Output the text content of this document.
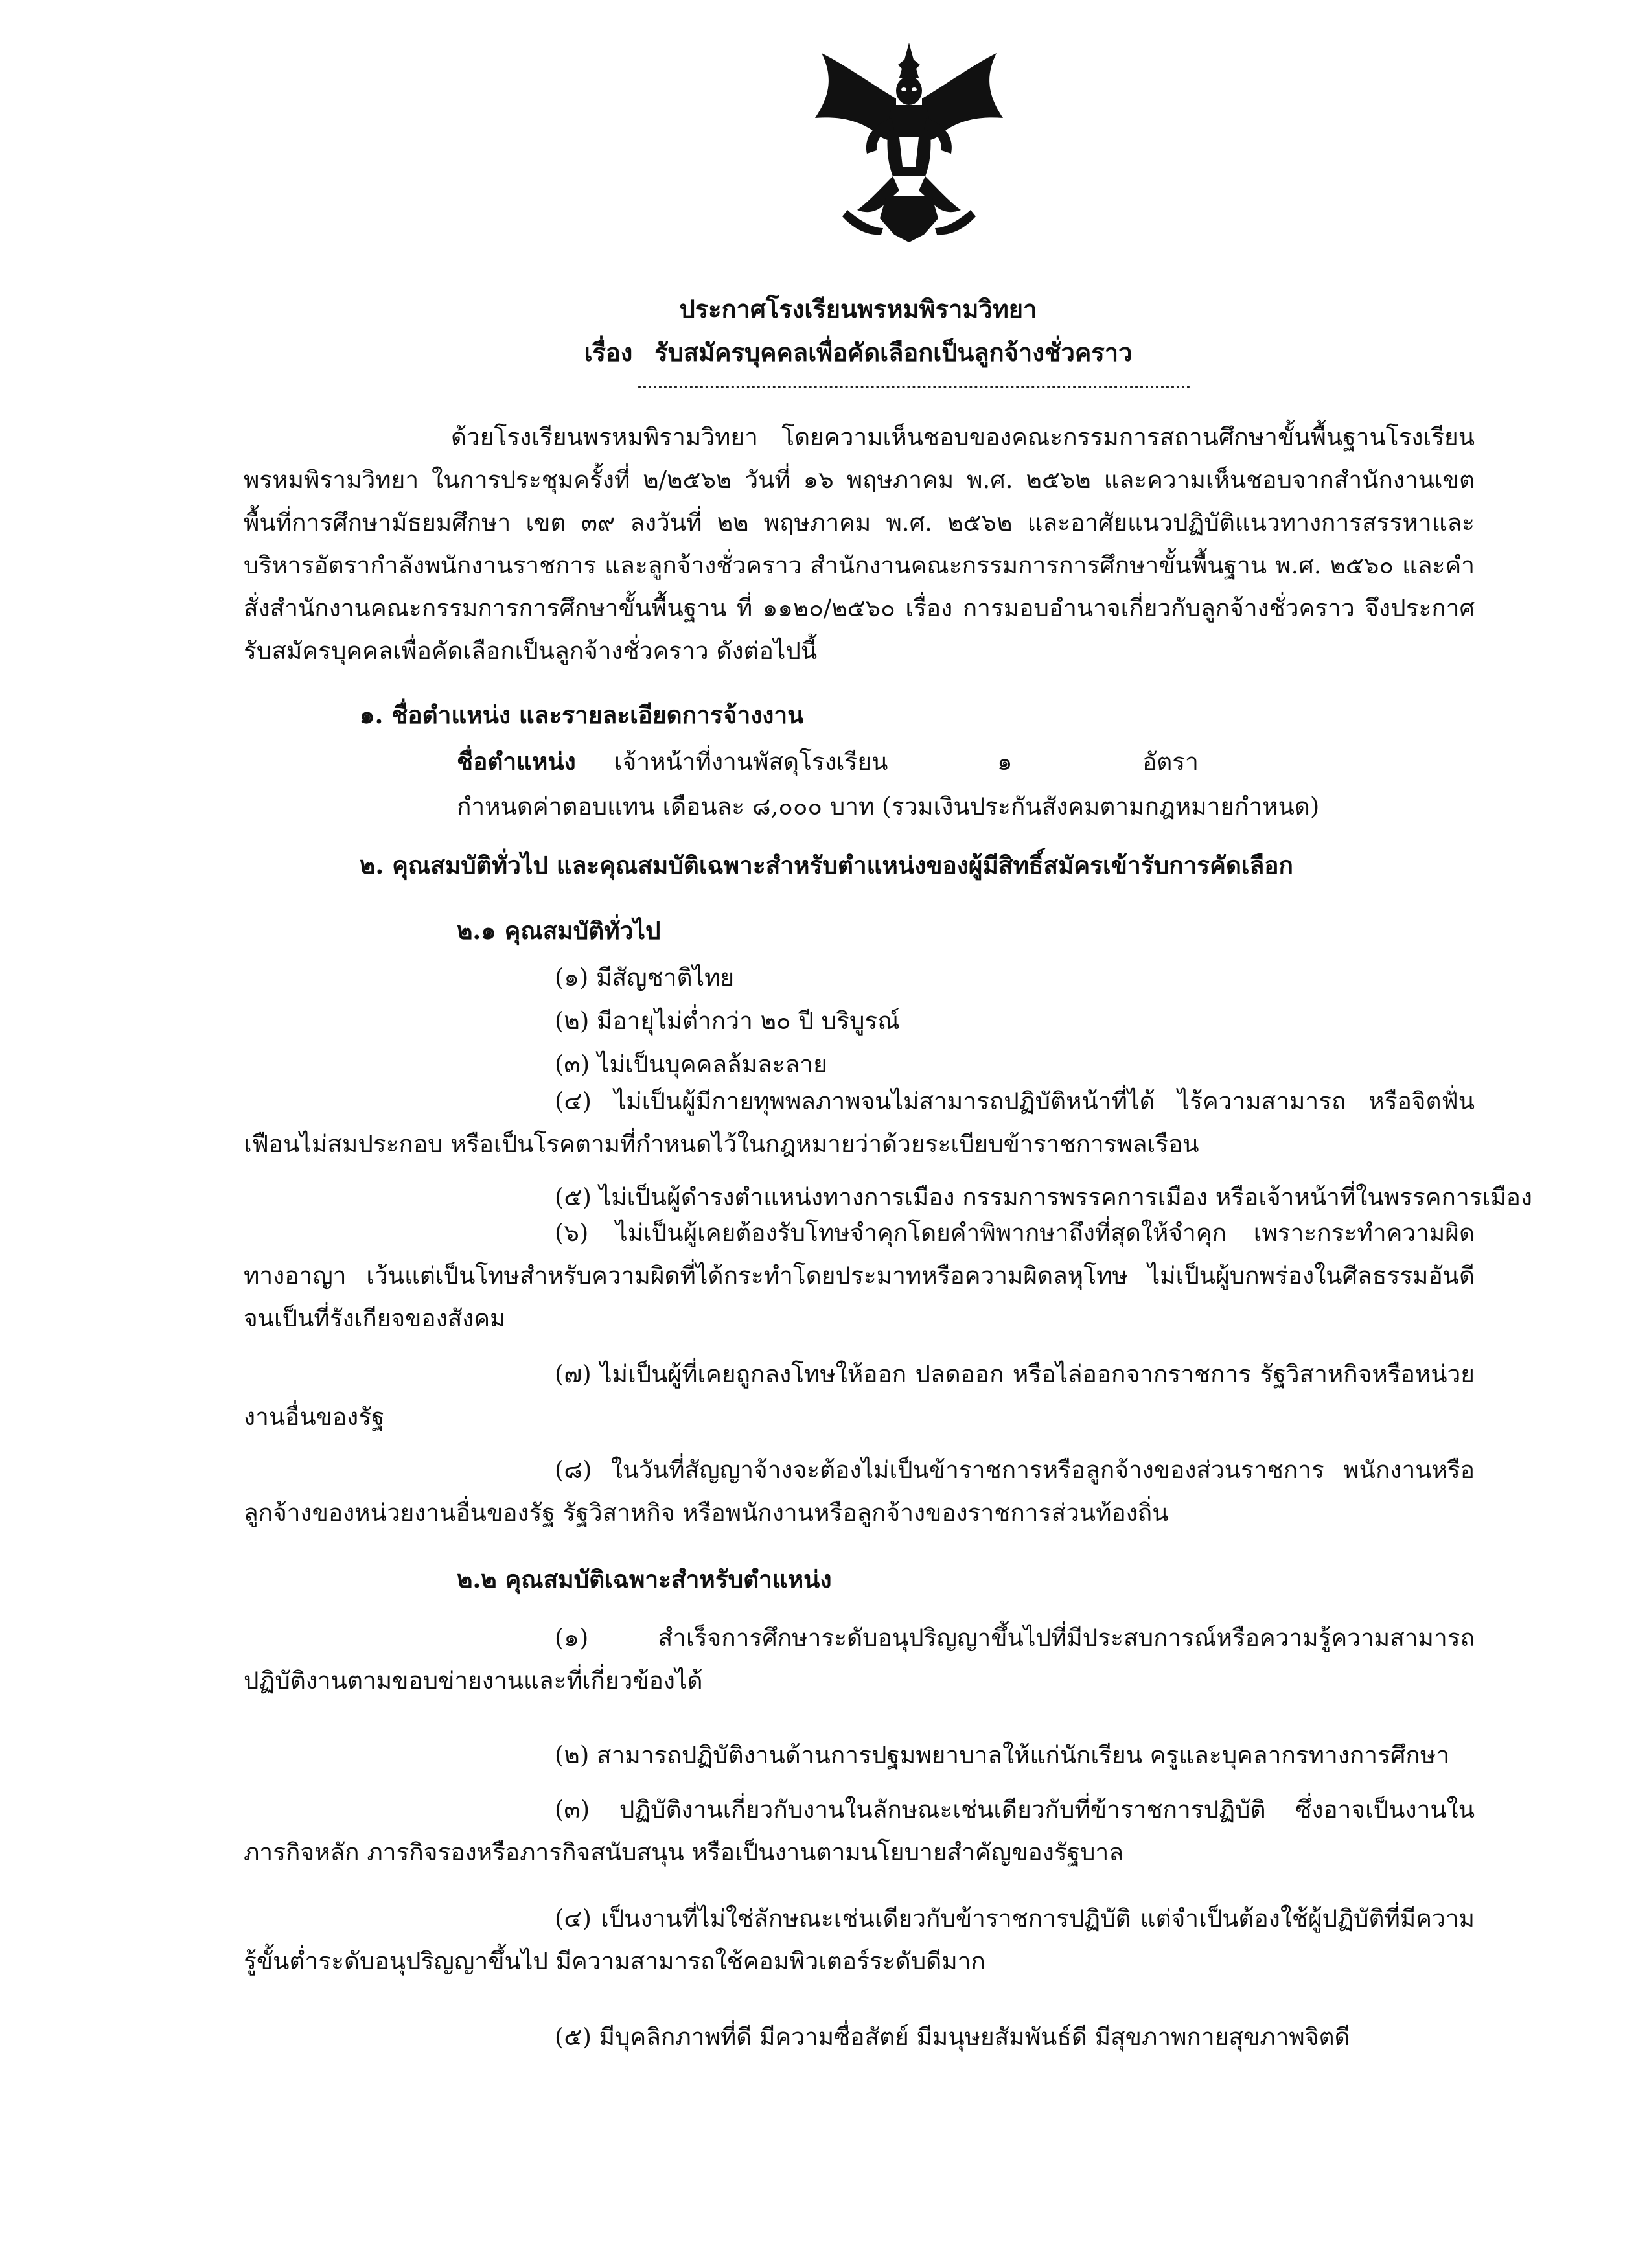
ประกาศโรงเรียนพรหมพิรามวิทยา
เรื่อง รับสมัครบุคคลเพื่อคัดเลือกเป็นลูกจ้างชั่วคราว
ด้วยโรงเรียนพรหมพิรามวิทยา โดยความเห็นชอบของคณะกรรมการสถานศึกษาขั้นพื้นฐานโรงเรียนพรหมพิรามวิทยา ในการประชุมครั้งที่ ๒/๒๕๖๒ วันที่ ๑๖ พฤษภาคม พ.ศ. ๒๕๖๒ และความเห็นชอบจากสำนักงานเขตพื้นที่การศึกษามัธยมศึกษา เขต ๓๙ ลงวันที่ ๒๒ พฤษภาคม พ.ศ. ๒๕๖๒ และอาศัยแนวปฏิบัติแนวทางการสรรหาและบริหารอัตรากำลังพนักงานราชการ และลูกจ้างชั่วคราว สำนักงานคณะกรรมการการศึกษาขั้นพื้นฐาน พ.ศ. ๒๕๖๐ และคำสั่งสำนักงานคณะกรรมการการศึกษาขั้นพื้นฐาน ที่ ๑๑๒๐/๒๕๖๐ เรื่อง การมอบอำนาจเกี่ยวกับลูกจ้างชั่วคราว จึงประกาศรับสมัครบุคคลเพื่อคัดเลือกเป็นลูกจ้างชั่วคราว ดังต่อไปนี้
๑. ชื่อตำแหน่ง และรายละเอียดการจ้างงาน
ชื่อตำแหน่ง เจ้าหน้าที่งานพัสดุโรงเรียน	๑	อัตรา
กำหนดค่าตอบแทน เดือนละ ๘,๐๐๐ บาท (รวมเงินประกันสังคมตามกฎหมายกำหนด)
๒. คุณสมบัติทั่วไป และคุณสมบัติเฉพาะสำหรับตำแหน่งของผู้มีสิทธิ์สมัครเข้ารับการคัดเลือก
๒.๑ คุณสมบัติทั่วไป
(๑) มีสัญชาติไทย
(๒) มีอายุไม่ต่ำกว่า ๒๐ ปี บริบูรณ์
(๓) ไม่เป็นบุคคลล้มละลาย
(๔) ไม่เป็นผู้มีกายทุพพลภาพจนไม่สามารถปฏิบัติหน้าที่ได้ ไร้ความสามารถ หรือจิตฟั่นเฟือนไม่สมประกอบ หรือเป็นโรคตามที่กำหนดไว้ในกฎหมายว่าด้วยระเบียบข้าราชการพลเรือน
(๕) ไม่เป็นผู้ดำรงตำแหน่งทางการเมือง กรรมการพรรคการเมือง หรือเจ้าหน้าที่ในพรรคการเมือง
(๖) ไม่เป็นผู้เคยต้องรับโทษจำคุกโดยคำพิพากษาถึงที่สุดให้จำคุก เพราะกระทำความผิดทางอาญา เว้นแต่เป็นโทษสำหรับความผิดที่ได้กระทำโดยประมาทหรือความผิดลหุโทษ ไม่เป็นผู้บกพร่องในศีลธรรมอันดีจนเป็นที่รังเกียจของสังคม
(๗) ไม่เป็นผู้ที่เคยถูกลงโทษให้ออก ปลดออก หรือไล่ออกจากราชการ รัฐวิสาหกิจหรือหน่วยงานอื่นของรัฐ
(๘) ในวันที่สัญญาจ้างจะต้องไม่เป็นข้าราชการหรือลูกจ้างของส่วนราชการ พนักงานหรือลูกจ้างของหน่วยงานอื่นของรัฐ รัฐวิสาหกิจ หรือพนักงานหรือลูกจ้างของราชการส่วนท้องถิ่น
๒.๒ คุณสมบัติเฉพาะสำหรับตำแหน่ง
(๑) สำเร็จการศึกษาระดับอนุปริญญาขึ้นไปที่มีประสบการณ์หรือความรู้ความสามารถปฏิบัติงานตามขอบข่ายงานและที่เกี่ยวข้องได้
(๒) สามารถปฏิบัติงานด้านการปฐมพยาบาลให้แก่นักเรียน ครูและบุคลากรทางการศึกษา
(๓) ปฏิบัติงานเกี่ยวกับงานในลักษณะเช่นเดียวกับที่ข้าราชการปฏิบัติ ซึ่งอาจเป็นงานในภารกิจหลัก ภารกิจรองหรือภารกิจสนับสนุน หรือเป็นงานตามนโยบายสำคัญของรัฐบาล
(๔) เป็นงานที่ไม่ใช่ลักษณะเช่นเดียวกับข้าราชการปฏิบัติ แต่จำเป็นต้องใช้ผู้ปฏิบัติที่มีความรู้ขั้นต่ำระดับอนุปริญญาขึ้นไป มีความสามารถใช้คอมพิวเตอร์ระดับดีมาก
(๕) มีบุคลิกภาพที่ดี มีความซื่อสัตย์ มีมนุษยสัมพันธ์ดี มีสุขภาพกายสุขภาพจิตดี
